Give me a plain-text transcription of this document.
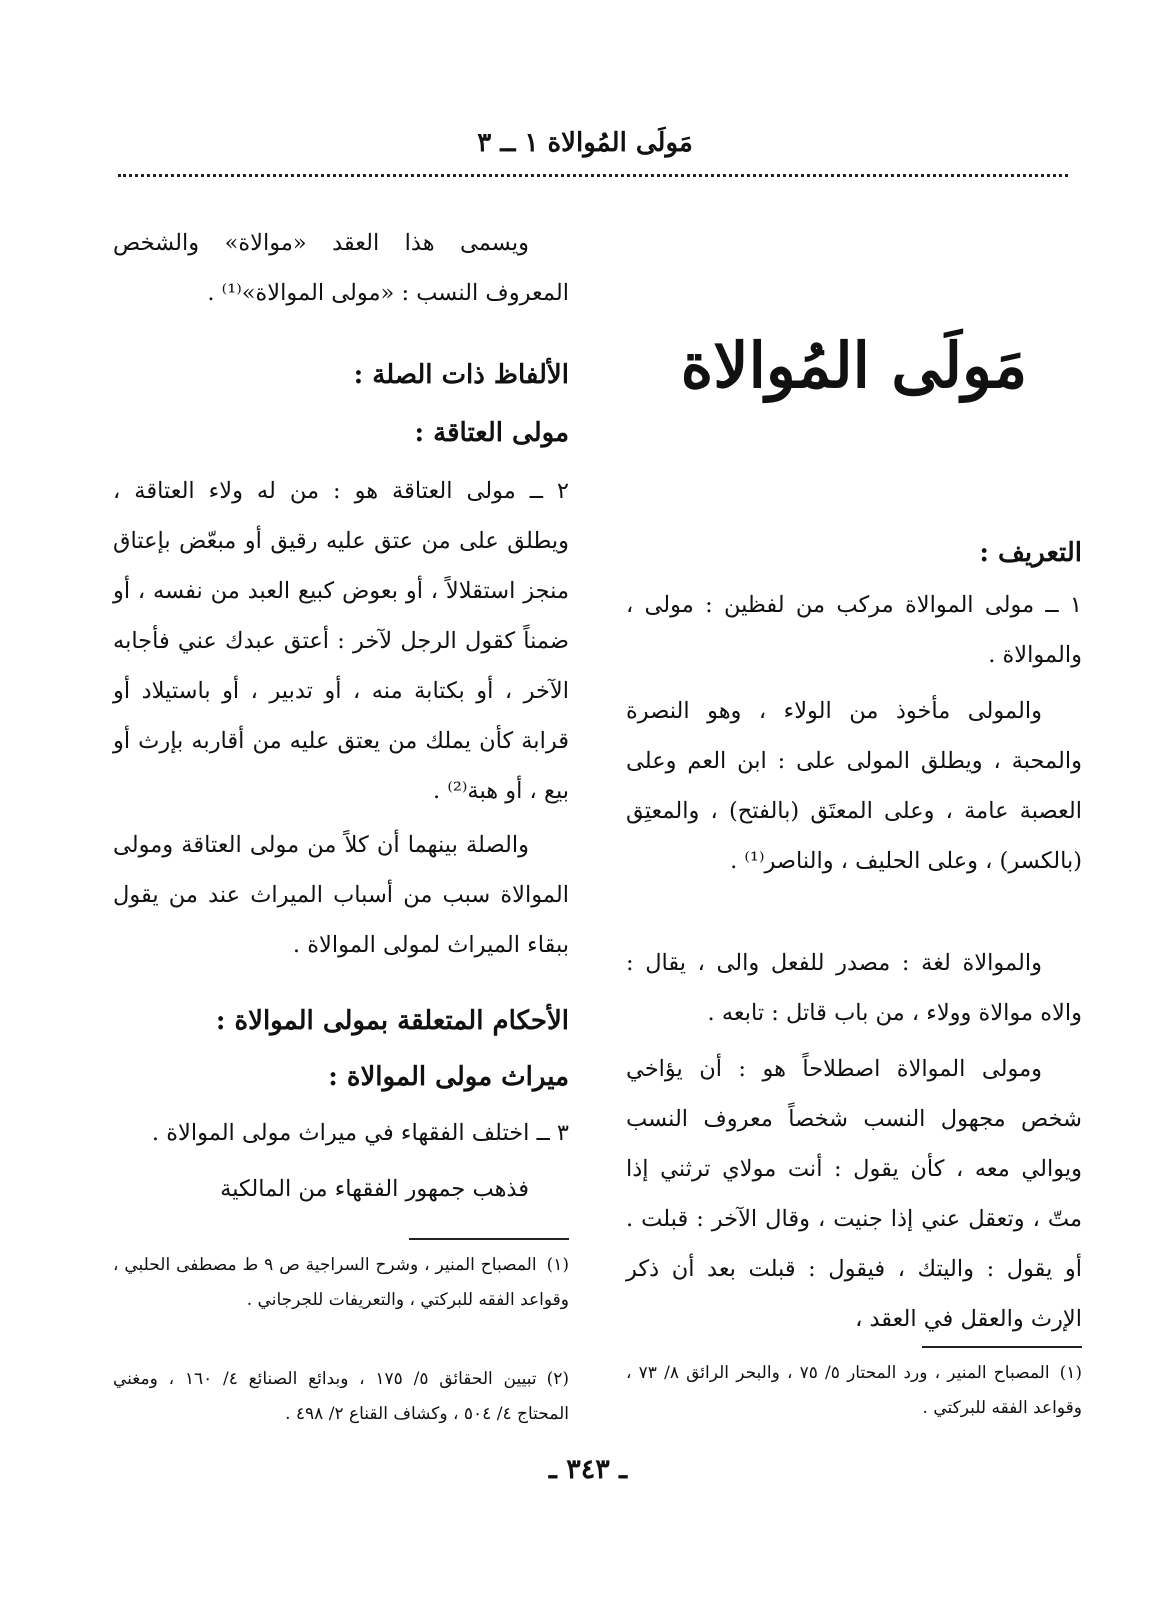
مَولَى المُوالاة ١ ــ ٣
مَولَى المُوالاة
التعريف :

١ ــ مولى الموالاة مركب من لفظين : مولى ، والموالاة .

والمولى مأخوذ من الولاء ، وهو النصرة والمحبة ، ويطلق المولى على : ابن العم وعلى العصبة عامة ، وعلى المعتَق (بالفتح) ، والمعتِق (بالكسر) ، وعلى الحليف ، والناصر⁽¹⁾ .

والموالاة لغة : مصدر للفعل والى ، يقال : والاه موالاة وولاء ، من باب قاتل : تابعه .

ومولى الموالاة اصطلاحاً هو : أن يؤاخي شخص مجهول النسب شخصاً معروف النسب ويوالي معه ، كأن يقول : أنت مولاي ترثني إذا متّ ، وتعقل عني إذا جنيت ، وقال الآخر : قبلت . أو يقول : واليتك ، فيقول : قبلت بعد أن ذكر الإرث والعقل في العقد ،

(١)المصباح المنير ، ورد المحتار ٥/ ٧٥ ، والبحر الرائق ٨/ ٧٣ ، وقواعد الفقه للبركتي .

ويسمى هذا العقد «موالاة» والشخص المعروف النسب : «مولى الموالاة»⁽¹⁾ .

الألفاظ ذات الصلة :
مولى العتاقة :

٢ ــ مولى العتاقة هو : من له ولاء العتاقة ، ويطلق على من عتق عليه رقيق أو مبعّض بإعتاق منجز استقلالاً ، أو بعوض كبيع العبد من نفسه ، أو ضمناً كقول الرجل لآخر : أعتق عبدك عني فأجابه الآخر ، أو بكتابة منه ، أو تدبير ، أو باستيلاد أو قرابة كأن يملك من يعتق عليه من أقاربه بإرث أو بيع ، أو هبة⁽²⁾ .

والصلة بينهما أن كلاً من مولى العتاقة ومولى الموالاة سبب من أسباب الميراث عند من يقول ببقاء الميراث لمولى الموالاة .

الأحكام المتعلقة بمولى الموالاة :
ميراث مولى الموالاة :

٣ ــ اختلف الفقهاء في ميراث مولى الموالاة .

فذهب جمهور الفقهاء من المالكية

(١)المصباح المنير ، وشرح السراجية ص ٩ ط مصطفى الحلبي ، وقواعد الفقه للبركتي ، والتعريفات للجرجاني .

(٢)تبيين الحقائق ٥/ ١٧٥ ، وبدائع الصنائع ٤/ ١٦٠ ، ومغني المحتاج ٤/ ٥٠٤ ، وكشاف القناع ٢/ ٤٩٨ .

ـ ٣٤٣ ـ
